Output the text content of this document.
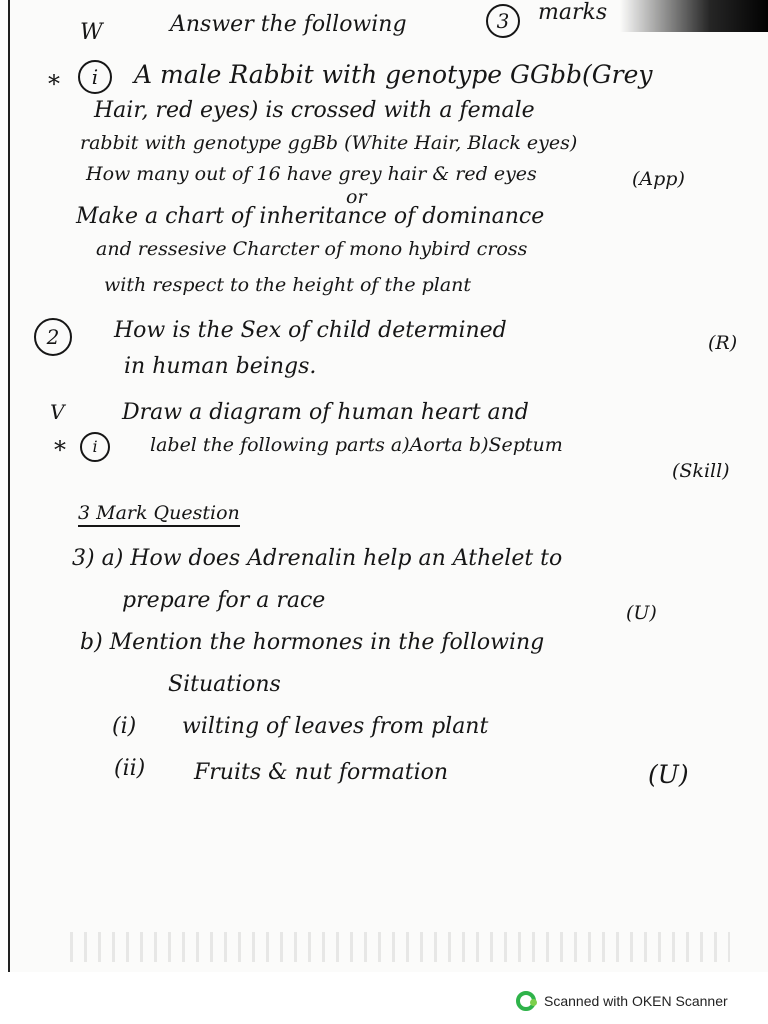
W	Answer the following	3	marks
*	i	A male Rabbit with genotype GGbb(Grey
Hair, red eyes) is crossed with a female
rabbit with genotype ggBb (White Hair, Black eyes)
How many out of 16 have grey hair & red eyes	(App)
or
Make a chart of inheritance of dominance
and ressesive Charcter of mono hybird cross
with respect to the height of the plant
2	How is the Sex of child determined
in human beings.
(R)
V
*	i
Draw a diagram of human heart and
label the following parts a)Aorta b)Septum
(Skill)
3 Mark Question
3) a) How does Adrenalin help an Athelet to
prepare for a race	(U)
b) Mention the hormones in the following
Situations
(i) wilting of leaves from plant
(ii) Fruits & nut formation	(U)
Scanned with OKEN Scanner
